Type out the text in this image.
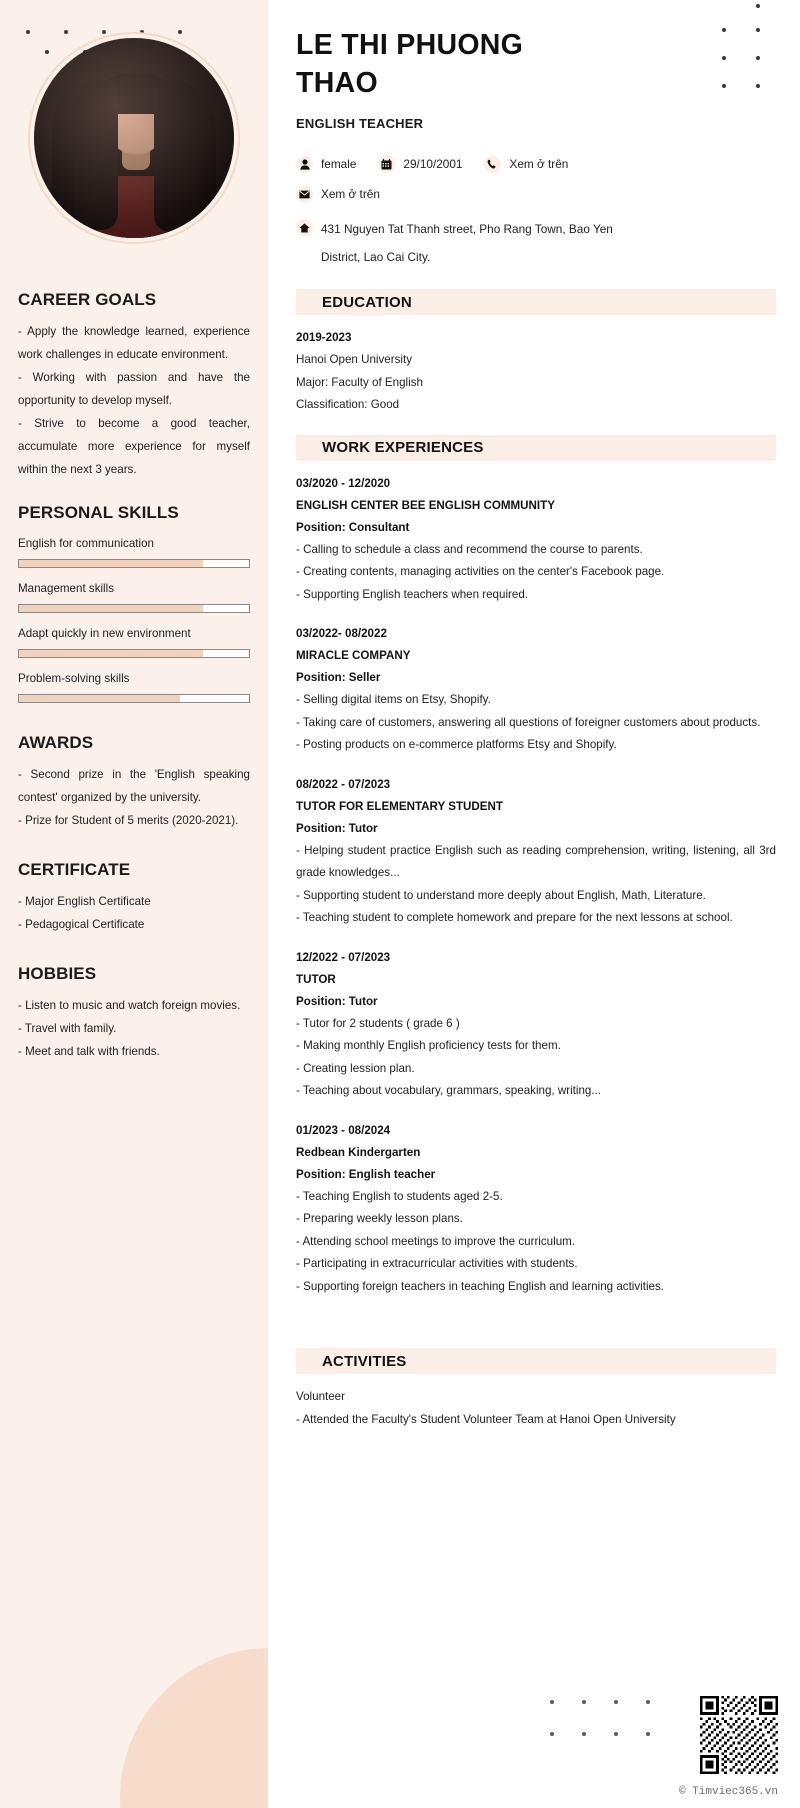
CAREER GOALS

- Apply the knowledge learned, experience work challenges in educate environment.

- Working with passion and have the opportunity to develop myself.

- Strive to become a good teacher, accumulate more experience for myself within the next 3 years.

PERSONAL SKILLS
English for communication
Management skills
Adapt quickly in new environment
Problem-solving skills
AWARDS

- Second prize in the 'English speaking contest' organized by the university.

- Prize for Student of 5 merits (2020-2021).

CERTIFICATE

- Major English Certificate

- Pedagogical Certificate

HOBBIES

- Listen to music and watch foreign movies.

- Travel with family.

- Meet and talk with friends.

LE THI PHUONG THAO
ENGLISH TEACHER
female	29/10/2001	Xem ở trên
Xem ở trên
431 Nguyen Tat Thanh street, Pho Rang Town, Bao Yen District, Lao Cai City.
EDUCATION
2019-2023
Hanoi Open University
Major: Faculty of English
Classification: Good
WORK EXPERIENCES
03/2020 - 12/2020
ENGLISH CENTER BEE ENGLISH COMMUNITY
Position: Consultant
- Calling to schedule a class and recommend the course to parents.
- Creating contents, managing activities on the center's Facebook page.
- Supporting English teachers when required.
03/2022- 08/2022
MIRACLE COMPANY
Position: Seller
- Selling digital items on Etsy, Shopify.
- Taking care of customers, answering all questions of foreigner customers about products.
- Posting products on e-commerce platforms Etsy and Shopify.
08/2022 - 07/2023
TUTOR FOR ELEMENTARY STUDENT
Position: Tutor
- Helping student practice English such as reading comprehension, writing, listening, all 3rd grade knowledges...
- Supporting student to understand more deeply about English, Math, Literature.
- Teaching student to complete homework and prepare for the next lessons at school.
12/2022 - 07/2023
TUTOR
Position: Tutor
- Tutor for 2 students ( grade 6 )
- Making monthly English proficiency tests for them.
- Creating lession plan.
- Teaching about vocabulary, grammars, speaking, writing...
01/2023 - 08/2024
Redbean Kindergarten
Position: English teacher
- Teaching English to students aged 2-5.
- Preparing weekly lesson plans.
- Attending school meetings to improve the curriculum.
- Participating in extracurricular activities with students.
- Supporting foreign teachers in teaching English and learning activities.
ACTIVITIES
Volunteer
- Attended the Faculty's Student Volunteer Team at Hanoi Open University
© Timviec365.vn
